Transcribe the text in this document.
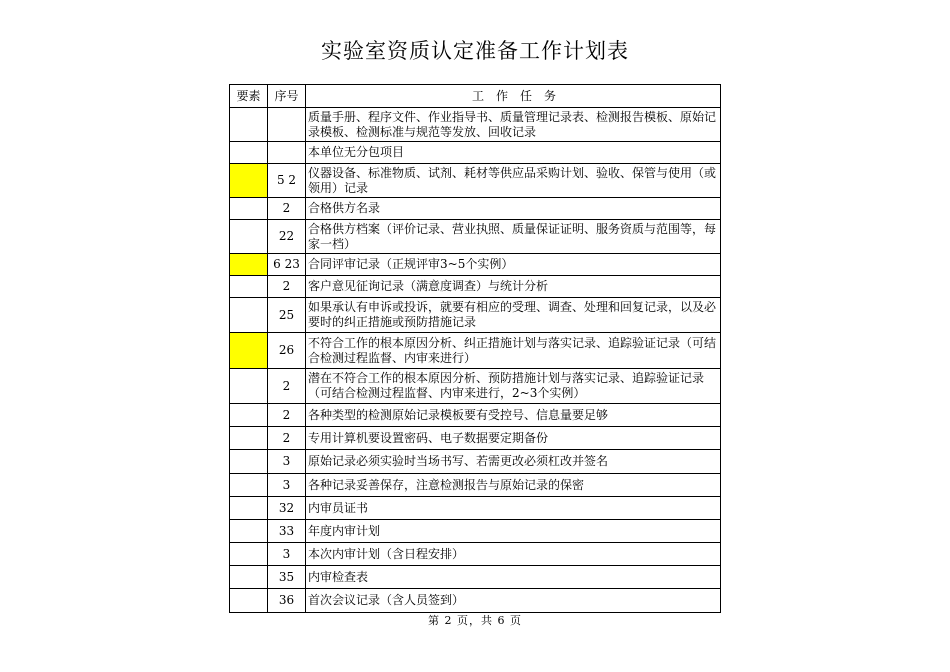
实验室资质认定准备工作计划表
要素	序号	工　作　任　务
		质量手册、程序文件、作业指导书、质量管理记录表、检测报告模板、原始记录模板、检测标准与规范等发放、回收记录
		本单位无分包项目
	5 2	仪器设备、标准物质、试剂、耗材等供应品采购计划、验收、保管与使用（或领用）记录
	2	合格供方名录
	22	合格供方档案（评价记录、营业执照、质量保证证明、服务资质与范围等，每家一档）
	6 23	合同评审记录（正规评审3~5个实例）
	2	客户意见征询记录（满意度调查）与统计分析
	25	如果承认有申诉或投诉，就要有相应的受理、调查、处理和回复记录，以及必要时的纠正措施或预防措施记录
	26	不符合工作的根本原因分析、纠正措施计划与落实记录、追踪验证记录（可结合检测过程监督、内审来进行）
	2	潜在不符合工作的根本原因分析、预防措施计划与落实记录、追踪验证记录（可结合检测过程监督、内审来进行，2~3个实例）
	2	各种类型的检测原始记录模板要有受控号、信息量要足够
	2	专用计算机要设置密码、电子数据要定期备份
	3	原始记录必须实验时当场书写、若需更改必须杠改并签名
	3	各种记录妥善保存，注意检测报告与原始记录的保密
	32	内审员证书
	33	年度内审计划
	3	本次内审计划（含日程安排）
	35	内审检查表
	36	首次会议记录（含人员签到）
第 2 页，共 6 页
